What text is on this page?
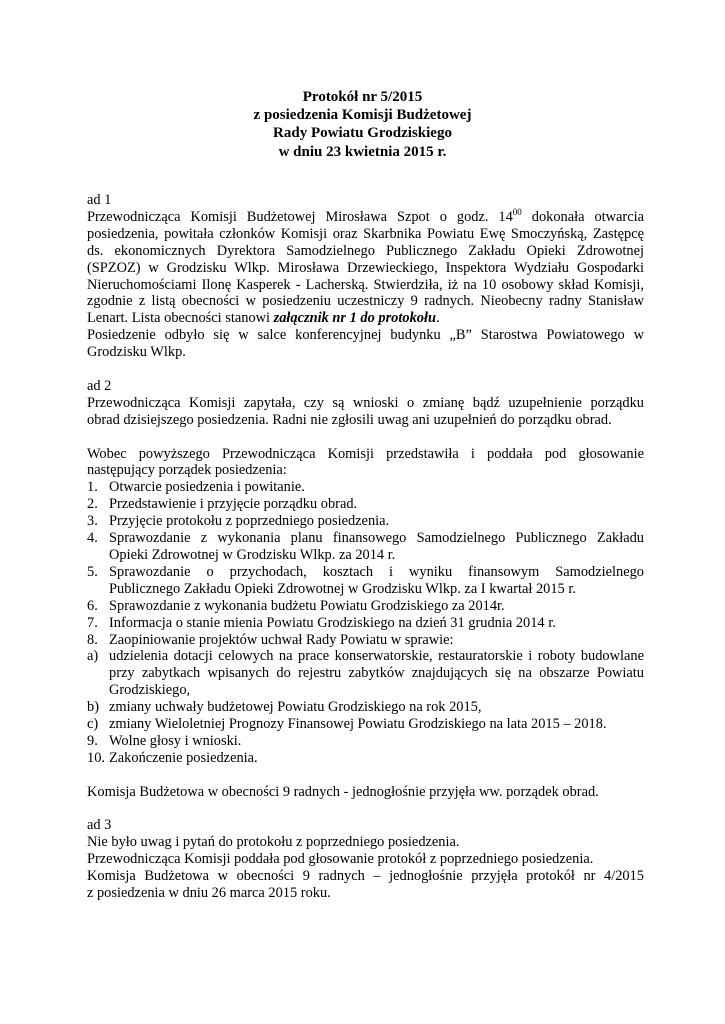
Protokół nr 5/2015
z posiedzenia Komisji Budżetowej
Rady Powiatu Grodziskiego
w dniu 23 kwietnia 2015 r.
ad 1
Przewodnicząca Komisji Budżetowej Mirosława Szpot o godz. $14^{00}$ dokonała otwarcia
posiedzenia, powitała członków Komisji oraz Skarbnika Powiatu Ewę Smoczyńską, Zastępcę
ds. ekonomicznych Dyrektora Samodzielnego Publicznego Zakładu Opieki Zdrowotnej
(SPZOZ) w Grodzisku Wlkp. Mirosława Drzewieckiego, Inspektora Wydziału Gospodarki
Nieruchomościami Ilonę Kasperek - Lacherską. Stwierdziła, iż na 10 osobowy skład Komisji,
zgodnie z listą obecności w posiedzeniu uczestniczy 9 radnych. Nieobecny radny Stanisław
Lenart. Lista obecności stanowi załącznik nr 1 do protokołu.
Posiedzenie odbyło się w salce konferencyjnej budynku „B” Starostwa Powiatowego w
Grodzisku Wlkp.
ad 2
Przewodnicząca Komisji zapytała, czy są wnioski o zmianę bądź uzupełnienie porządku
obrad dzisiejszego posiedzenia. Radni nie zgłosili uwag ani uzupełnień do porządku obrad.
Wobec powyższego Przewodnicząca Komisji przedstawiła i poddała pod głosowanie
następujący porządek posiedzenia:
1. Otwarcie posiedzenia i powitanie.
2. Przedstawienie i przyjęcie porządku obrad.
3. Przyjęcie protokołu z poprzedniego posiedzenia.
4. Sprawozdanie z wykonania planu finansowego Samodzielnego Publicznego Zakładu
Opieki Zdrowotnej w Grodzisku Wlkp. za 2014 r.
5. Sprawozdanie o przychodach, kosztach i wyniku finansowym Samodzielnego
Publicznego Zakładu Opieki Zdrowotnej w Grodzisku Wlkp. za I kwartał 2015 r.
6. Sprawozdanie z wykonania budżetu Powiatu Grodziskiego za 2014r.
7. Informacja o stanie mienia Powiatu Grodziskiego na dzień 31 grudnia 2014 r.
8. Zaopiniowanie projektów uchwał Rady Powiatu w sprawie:
a) udzielenia dotacji celowych na prace konserwatorskie, restauratorskie i roboty budowlane
przy zabytkach wpisanych do rejestru zabytków znajdujących się na obszarze Powiatu
Grodziskiego,
b) zmiany uchwały budżetowej Powiatu Grodziskiego na rok 2015,
c) zmiany Wieloletniej Prognozy Finansowej Powiatu Grodziskiego na lata 2015 – 2018.
9. Wolne głosy i wnioski.
10. Zakończenie posiedzenia.
Komisja Budżetowa w obecności 9 radnych - jednogłośnie przyjęła ww. porządek obrad.
ad 3
Nie było uwag i pytań do protokołu z poprzedniego posiedzenia.
Przewodnicząca Komisji poddała pod głosowanie protokół z poprzedniego posiedzenia.
Komisja Budżetowa w obecności 9 radnych – jednogłośnie przyjęła protokół nr 4/2015
z posiedzenia w dniu 26 marca 2015 roku.
